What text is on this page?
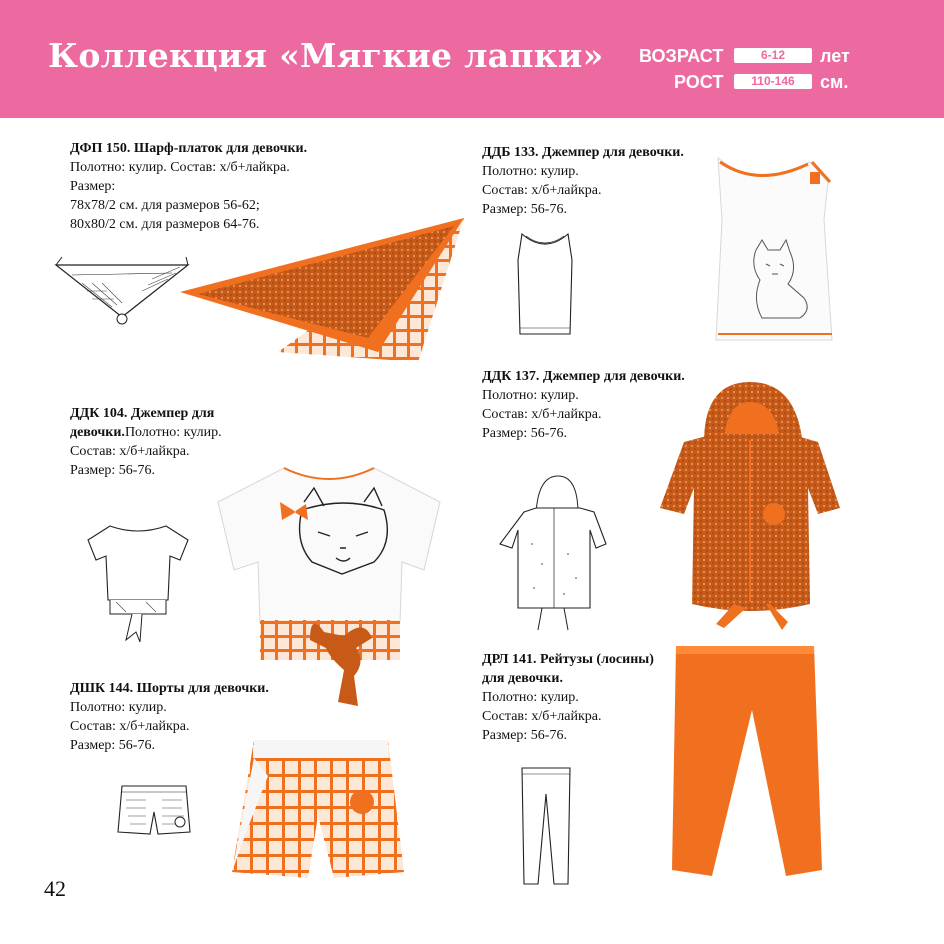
Коллекция «Мягкие лапки» ВОЗРАСТ	6-12	лет
РОСТ	110-146	см.
ДФП 150. Шарф-платок для девочки.
Полотно: кулир. Состав: х/б+лайкра.
Размер:
78x78/2 см. для размеров 56-62;
80x80/2 см. для размеров 64-76.
ДДБ 133. Джемпер для девочки.
Полотно: кулир.
Состав: х/б+лайкра.
Размер: 56-76.
ДДК 104. Джемпер для
девочки.Полотно: кулир.
Состав: х/б+лайкра.
Размер: 56-76.
ДДК 137. Джемпер для девочки.
Полотно: кулир.
Состав: х/б+лайкра.
Размер: 56-76.
ДШК 144. Шорты для девочки.
Полотно: кулир.
Состав: х/б+лайкра.
Размер: 56-76.
ДРЛ 141. Рейтузы (лосины)
для девочки.
Полотно: кулир.
Состав: х/б+лайкра.
Размер: 56-76.
42
